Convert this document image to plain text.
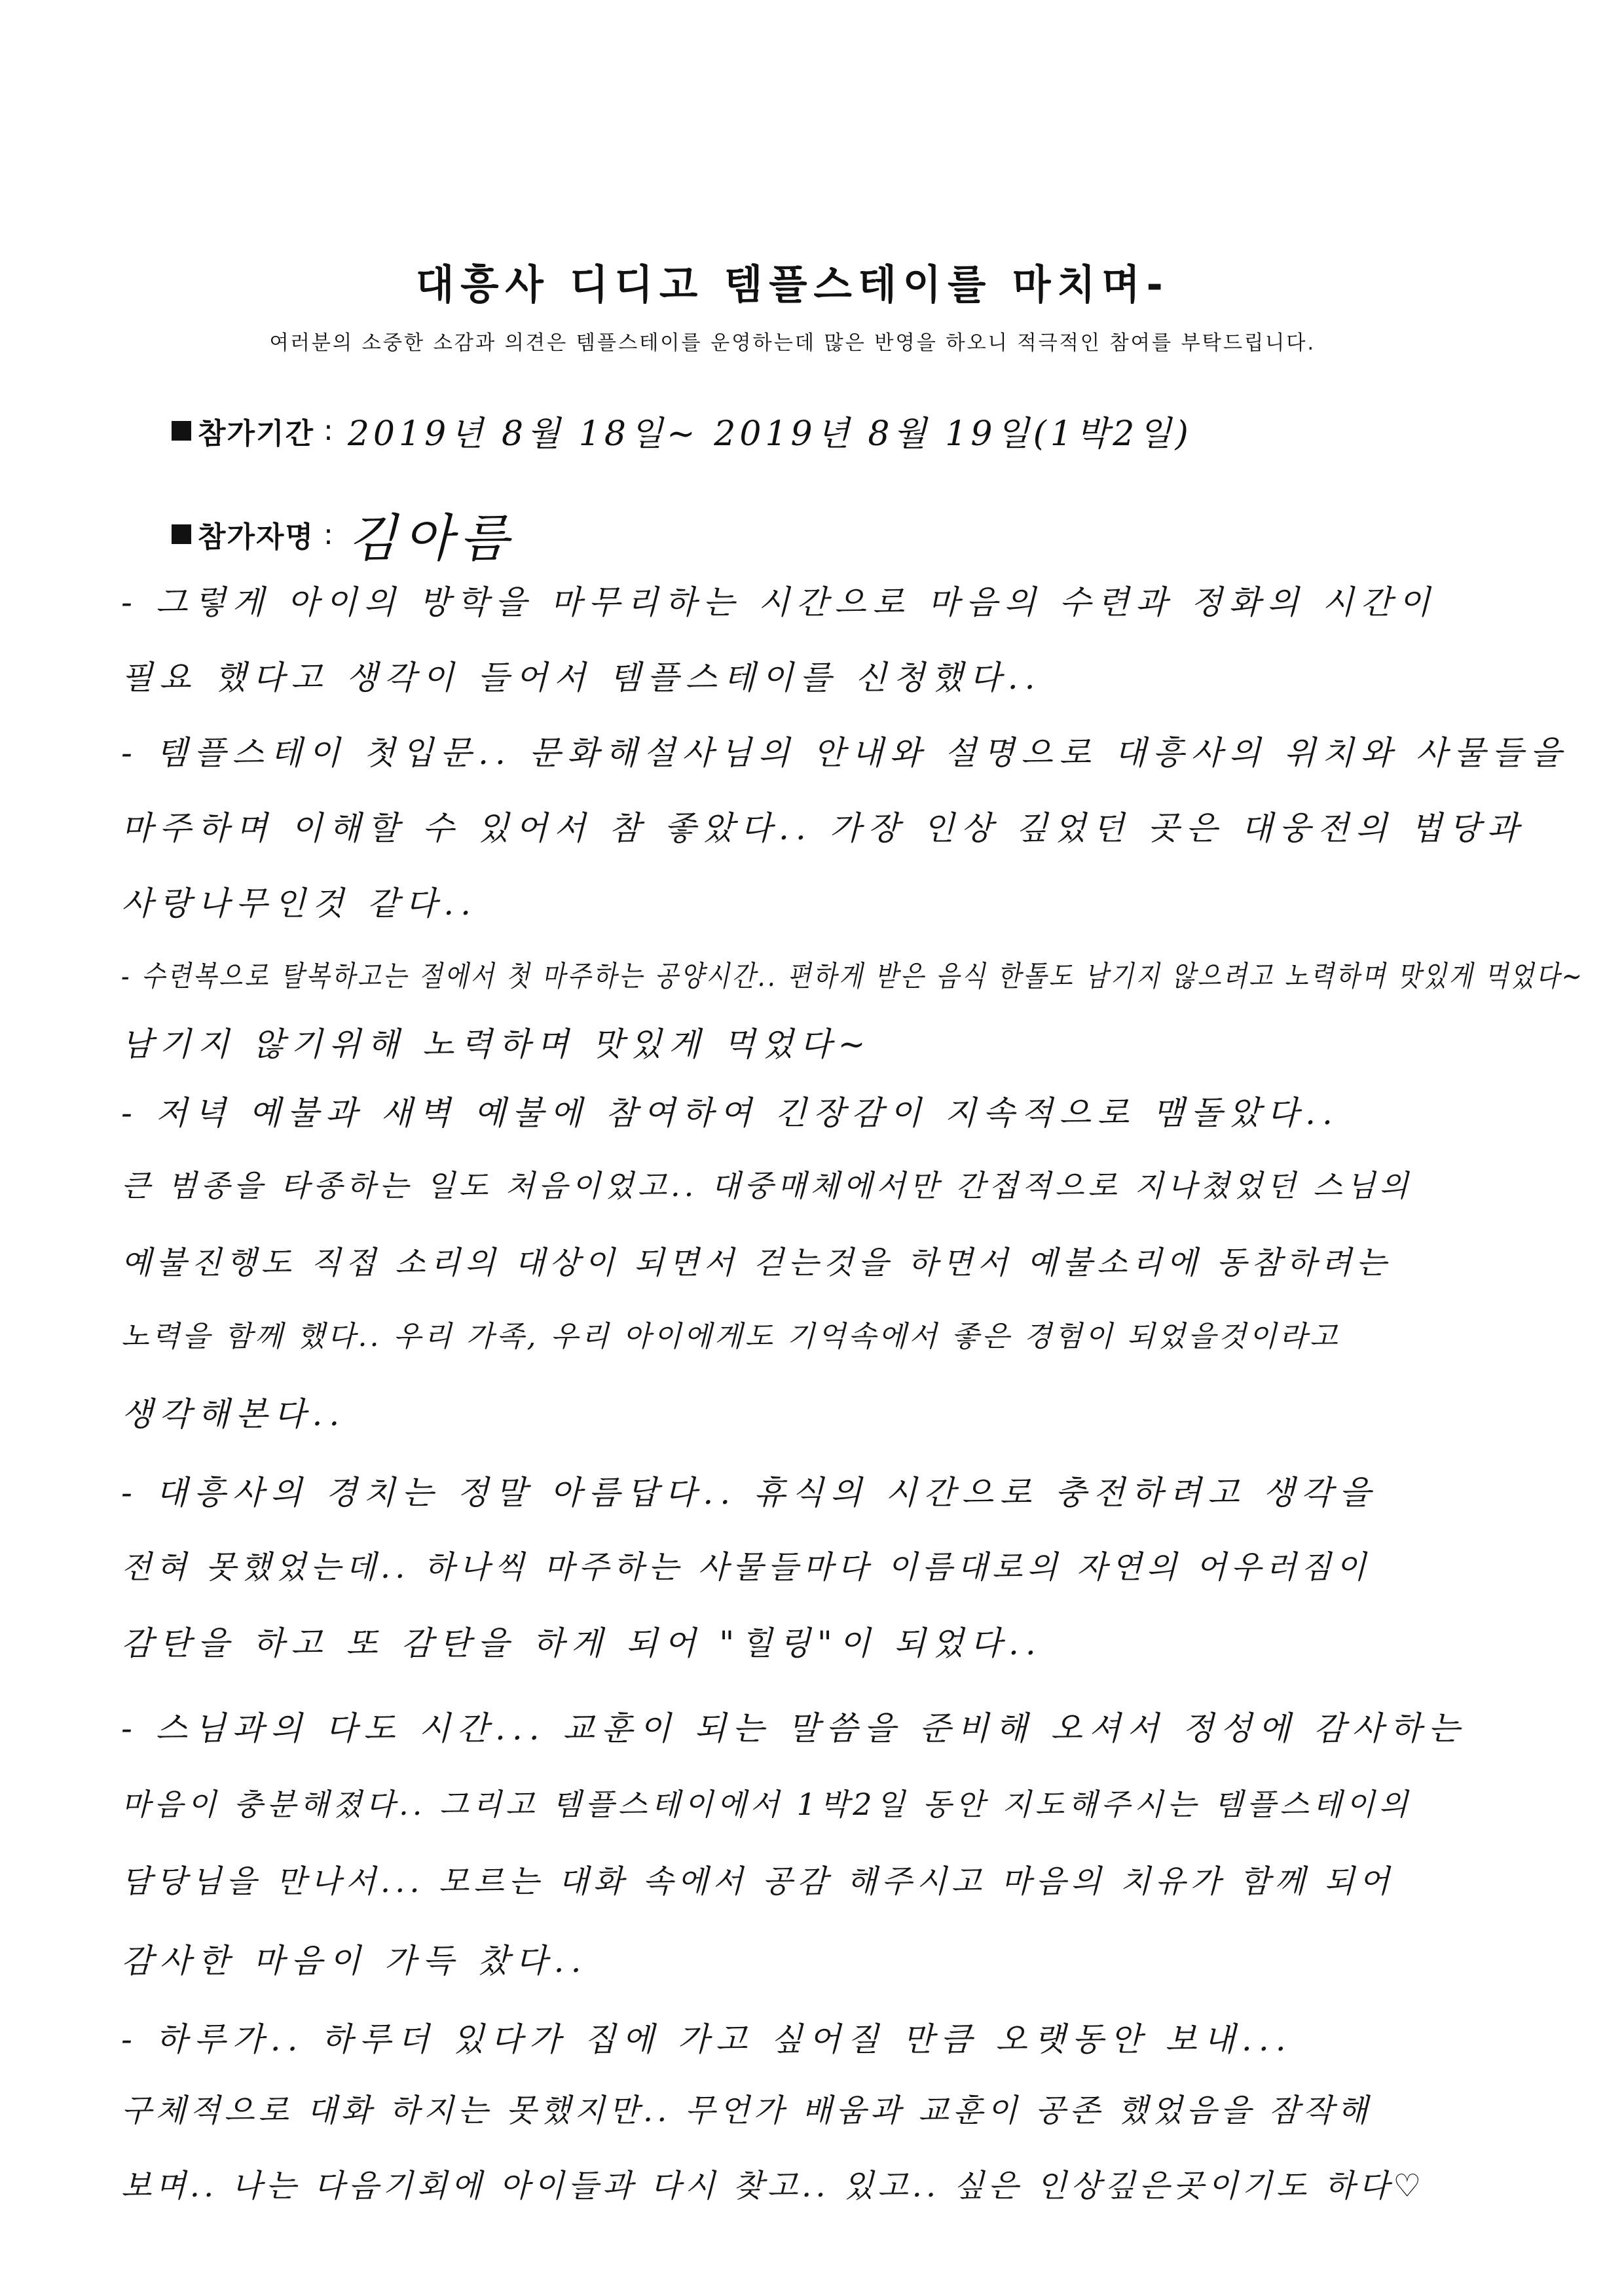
대흥사 디디고 템플스테이를 마치며-
여러분의 소중한 소감과 의견은 템플스테이를 운영하는데 많은 반영을 하오니 적극적인 참여를 부탁드립니다.
참가기간 : 2019년 8월 18일~ 2019년 8월 19일(1박2일)
참가자명 : 김아름
- 그렇게 아이의 방학을 마무리하는 시간으로 마음의 수련과 정화의 시간이
필요 했다고 생각이 들어서 템플스테이를 신청했다..
- 템플스테이 첫입문.. 문화해설사님의 안내와 설명으로 대흥사의 위치와 사물들을
마주하며 이해할 수 있어서 참 좋았다.. 가장 인상 깊었던 곳은 대웅전의 법당과
사랑나무인것 같다..
- 수련복으로 탈복하고는 절에서 첫 마주하는 공양시간.. 편하게 받은 음식 한톨도 남기지 않으려고 노력하며 맛있게 먹었다~
남기지 않기위해 노력하며 맛있게 먹었다~
- 저녁 예불과 새벽 예불에 참여하여 긴장감이 지속적으로 맴돌았다..
큰 범종을 타종하는 일도 처음이었고.. 대중매체에서만 간접적으로 지나쳤었던 스님의
예불진행도 직접 소리의 대상이 되면서 걷는것을 하면서 예불소리에 동참하려는
노력을 함께 했다.. 우리 가족, 우리 아이에게도 기억속에서 좋은 경험이 되었을것이라고
생각해본다..
- 대흥사의 경치는 정말 아름답다.. 휴식의 시간으로 충전하려고 생각을
전혀 못했었는데.. 하나씩 마주하는 사물들마다 이름대로의 자연의 어우러짐이
감탄을 하고 또 감탄을 하게 되어 "힐링"이 되었다..
- 스님과의 다도 시간... 교훈이 되는 말씀을 준비해 오셔서 정성에 감사하는
마음이 충분해졌다.. 그리고 템플스테이에서 1박2일 동안 지도해주시는 템플스테이의
담당님을 만나서... 모르는 대화 속에서 공감 해주시고 마음의 치유가 함께 되어
감사한 마음이 가득 찼다..
- 하루가.. 하루더 있다가 집에 가고 싶어질 만큼 오랫동안 보내...
구체적으로 대화 하지는 못했지만.. 무언가 배움과 교훈이 공존 했었음을 잠작해
보며.. 나는 다음기회에 아이들과 다시 찾고.. 있고.. 싶은 인상깊은곳이기도 하다♡
